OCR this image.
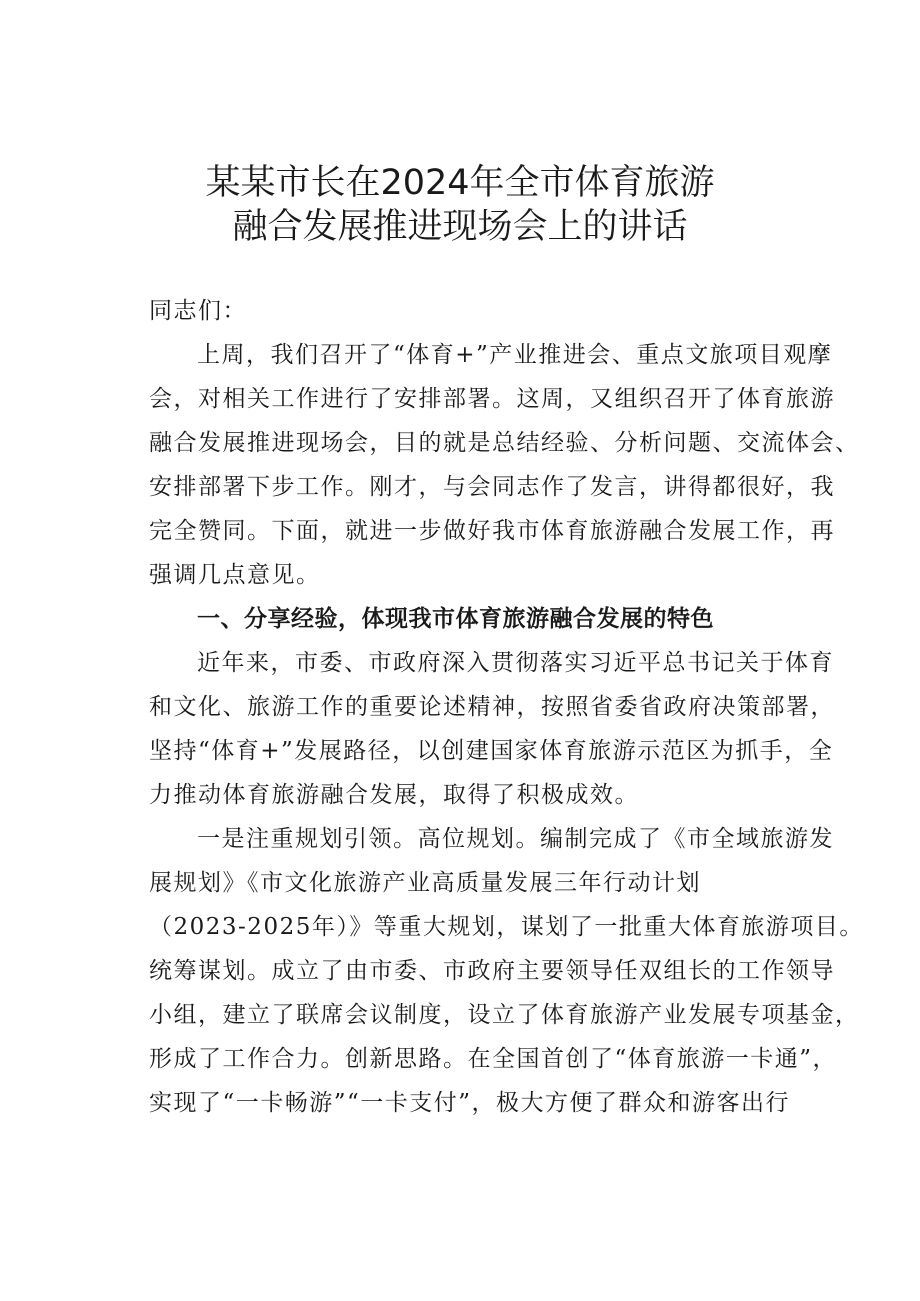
某某市长在2024年全市体育旅游
融合发展推进现场会上的讲话
同志们：
上周，我们召开了“体育+”产业推进会、重点文旅项目观摩
会，对相关工作进行了安排部署。这周，又组织召开了体育旅游
融合发展推进现场会，目的就是总结经验、分析问题、交流体会、
安排部署下步工作。刚才，与会同志作了发言，讲得都很好，我
完全赞同。下面，就进一步做好我市体育旅游融合发展工作，再
强调几点意见。
一、分享经验，体现我市体育旅游融合发展的特色
近年来，市委、市政府深入贯彻落实习近平总书记关于体育
和文化、旅游工作的重要论述精神，按照省委省政府决策部署，
坚持“体育+”发展路径，以创建国家体育旅游示范区为抓手，全
力推动体育旅游融合发展，取得了积极成效。
一是注重规划引领。高位规划。编制完成了《市全域旅游发
展规划》《市文化旅游产业高质量发展三年行动计划
（2023-2025年）》等重大规划，谋划了一批重大体育旅游项目。
统筹谋划。成立了由市委、市政府主要领导任双组长的工作领导
小组，建立了联席会议制度，设立了体育旅游产业发展专项基金，
形成了工作合力。创新思路。在全国首创了“体育旅游一卡通”，
实现了“一卡畅游”“一卡支付”，极大方便了群众和游客出行
